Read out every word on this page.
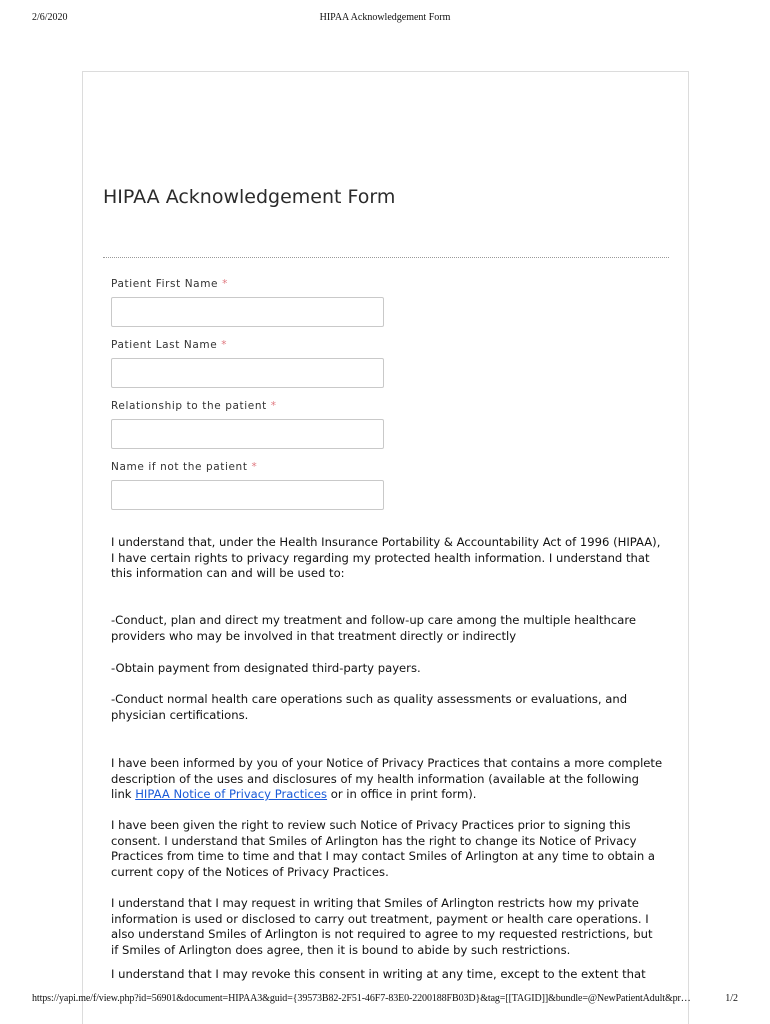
2/6/2020	HIPAA Acknowledgement Form
HIPAA Acknowledgement Form
Patient First Name *
Patient Last Name *
Relationship to the patient *
Name if not the patient *

I understand that, under the Health Insurance Portability & Accountability Act of 1996 (HIPAA), I have certain rights to privacy regarding my protected health information. I understand that this information can and will be used to:

-Conduct, plan and direct my treatment and follow-up care among the multiple healthcare providers who may be involved in that treatment directly or indirectly

-Obtain payment from designated third-party payers.

-Conduct normal health care operations such as quality assessments or evaluations, and physician certifications.

I have been informed by you of your Notice of Privacy Practices that contains a more complete description of the uses and disclosures of my health information (available at the following link HIPAA Notice of Privacy Practices or in office in print form).

I have been given the right to review such Notice of Privacy Practices prior to signing this consent. I understand that Smiles of Arlington has the right to change its Notice of Privacy Practices from time to time and that I may contact Smiles of Arlington at any time to obtain a current copy of the Notices of Privacy Practices.

I understand that I may request in writing that Smiles of Arlington restricts how my private information is used or disclosed to carry out treatment, payment or health care operations. I also understand Smiles of Arlington is not required to agree to my requested restrictions, but if Smiles of Arlington does agree, then it is bound to abide by such restrictions.

I understand that I may revoke this consent in writing at any time, except to the extent that

https://yapi.me/f/view.php?id=56901&document=HIPAA3&guid={39573B82-2F51-46F7-83E0-2200188FB03D}&tag=[[TAGID]]&bundle=@NewPatientAdult&pr…	1/2
